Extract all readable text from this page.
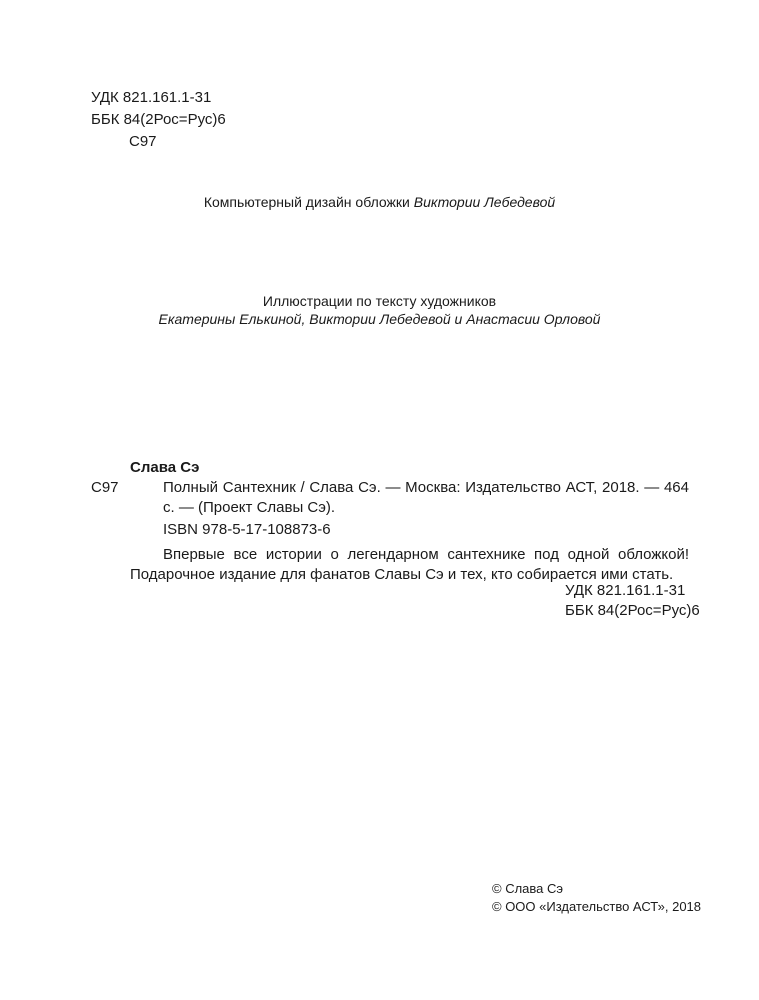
УДК 821.161.1-31
ББК 84(2Рос=Рус)6
С97
Компьютерный дизайн обложки Виктории Лебедевой
Иллюстрации по тексту художников
Екатерины Елькиной, Виктории Лебедевой и Анастасии Орловой
Слава Сэ
С97	Полный Сантехник / Слава Сэ. — Москва: Издательство АСТ, 2018. — 464 с. — (Проект Славы Сэ).
ISBN 978-5-17-108873-6
Впервые все истории о легендарном сантехнике под одной обложкой! Подарочное издание для фанатов Славы Сэ и тех, кто собирается ими стать.
УДК 821.161.1-31
ББК 84(2Рос=Рус)6
© Слава Сэ
© ООО «Издательство АСТ», 2018
